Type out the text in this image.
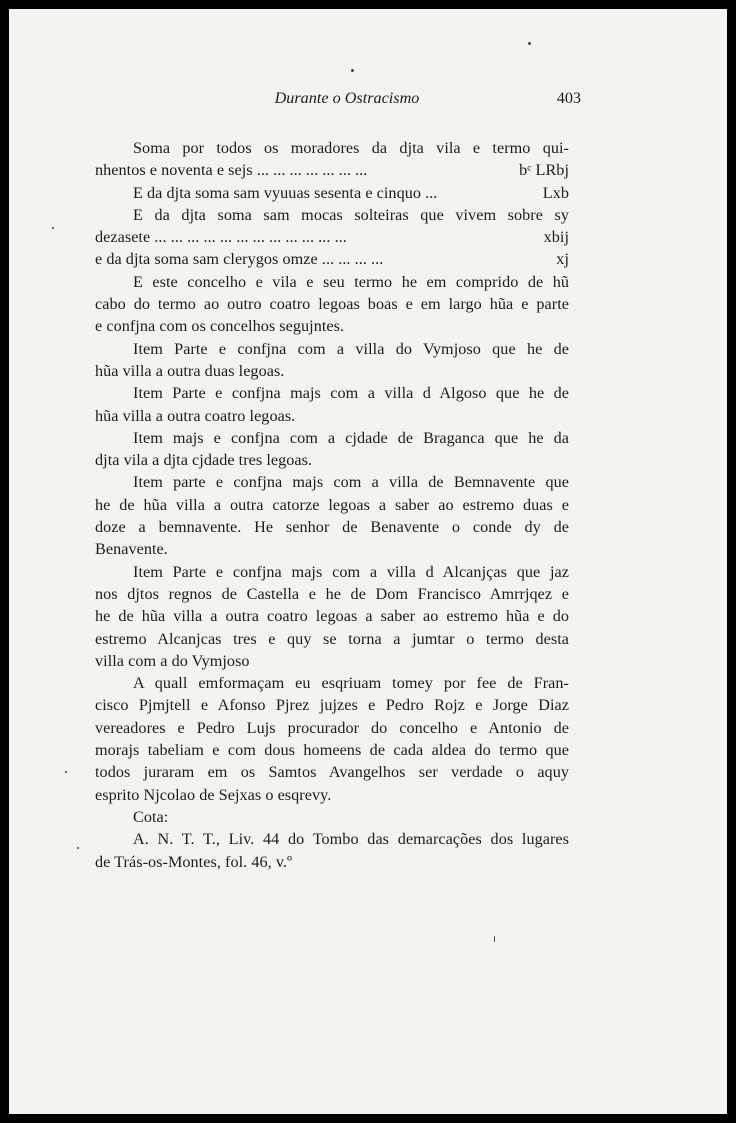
Durante o Ostracismo	403
Soma por todos os moradores da djta vila e termo qui-
nhentos e noventa e sejs ... ... ... ... ... ... ...	bᶜ LRbj
E da djta soma sam vyuuas sesenta e cinquo ...	Lxb
E da djta soma sam mocas solteiras que vivem sobre sy
dezasete ... ... ... ... ... ... ... ... ... ... ... ...	xbij
e da djta soma sam clerygos omze ... ... ... ...	xj
E este concelho e vila e seu termo he em comprido de hũ
cabo do termo ao outro coatro legoas boas e em largo hũa e parte
e confjna com os concelhos segujntes.
Item Parte e confjna com a villa do Vymjoso que he de
hũa villa a outra duas legoas.
Item Parte e confjna majs com a villa d Algoso que he de
hũa villa a outra coatro legoas.
Item majs e confjna com a cjdade de Braganca que he da
djta vila a djta cjdade tres legoas.
Item parte e confjna majs com a villa de Bemnavente que
he de hũa villa a outra catorze legoas a saber ao estremo duas e
doze a bemnavente. He senhor de Benavente o conde dy de
Benavente.
Item Parte e confjna majs com a villa d Alcanjças que jaz
nos djtos regnos de Castella e he de Dom Francisco Amrrjqez e
he de hũa villa a outra coatro legoas a saber ao estremo hũa e do
estremo Alcanjcas tres e quy se torna a jumtar o termo desta
villa com a do Vymjoso
A quall emformaçam eu esqriuam tomey por fee de Fran-
cisco Pjmjtell e Afonso Pjrez jujzes e Pedro Rojz e Jorge Diaz
vereadores e Pedro Lujs procurador do concelho e Antonio de
morajs tabeliam e com dous homeens de cada aldea do termo que
todos juraram em os Samtos Avangelhos ser verdade o aquy
esprito Njcolao de Sejxas o esqrevy.
Cota:
A. N. T. T., Liv. 44 do Tombo das demarcações dos lugares
de Trás-os-Montes, fol. 46, v.º
